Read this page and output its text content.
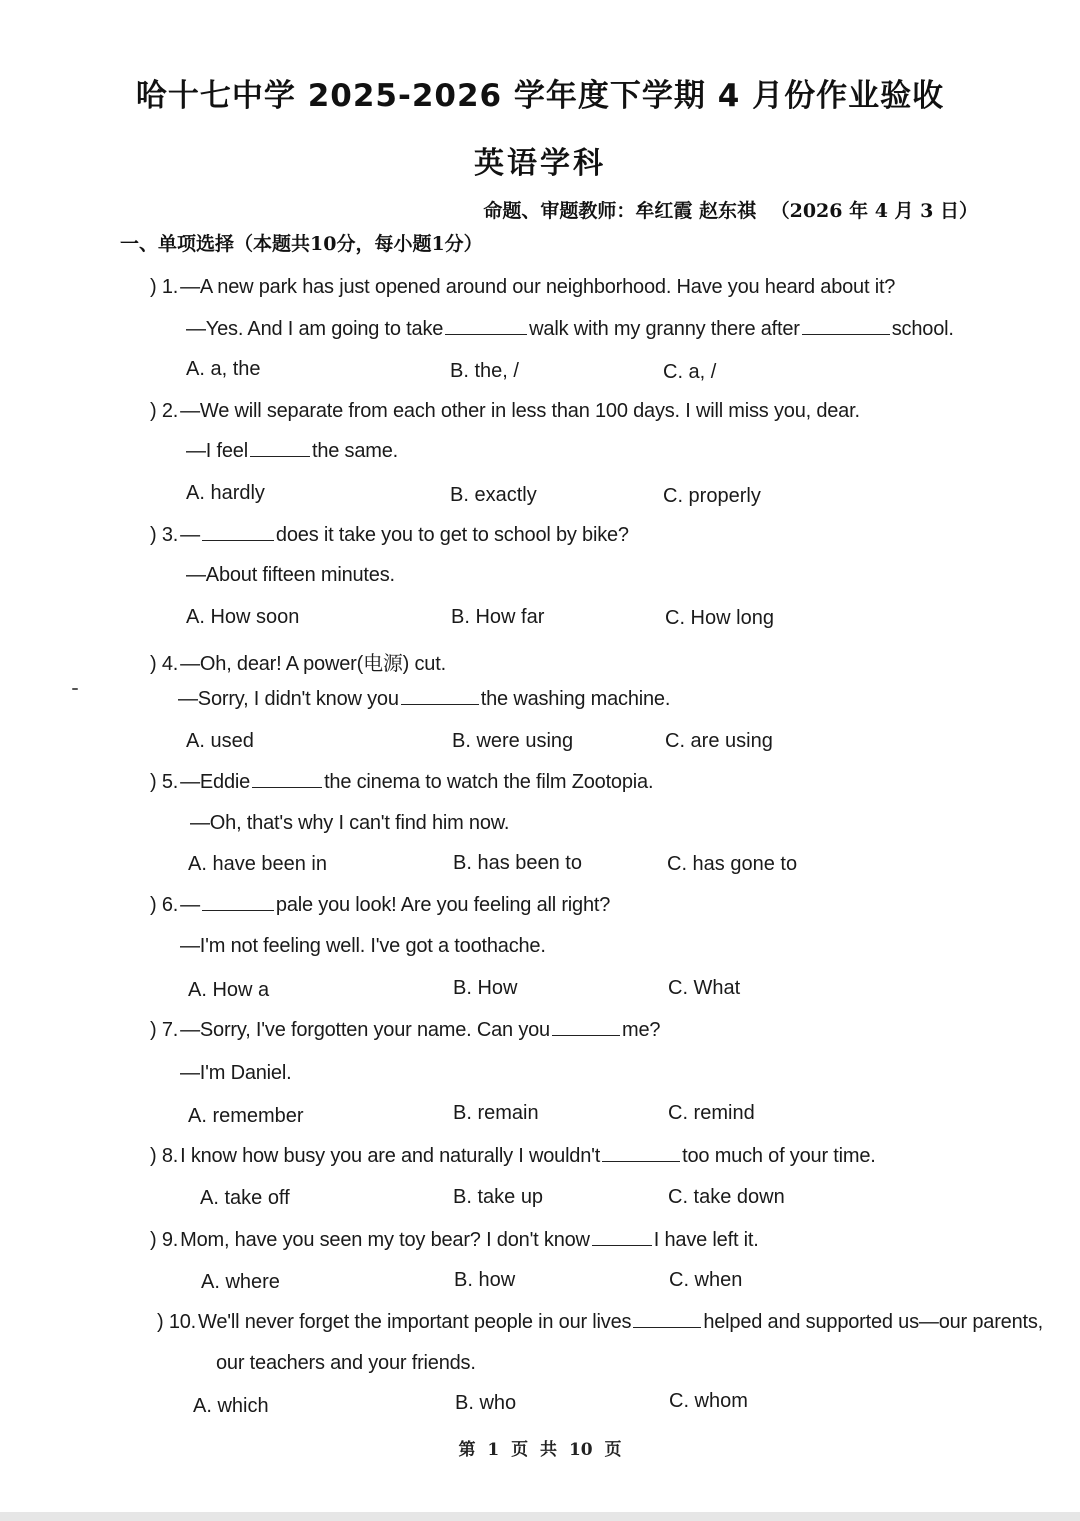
哈十七中学 2025-2026 学年度下学期 4 月份作业验收
英语学科
命题、审题教师：牟红霞 赵东祺 （2026 年 4 月 3 日）
一、单项选择（本题共10分，每小题1分）
) 1. —A new park has just opened around our neighborhood. Have you heard about it?
—Yes. And I am going to take	walk with my granny there after	school.
A. a, the	B. the, /	C. a, /
) 2. —We will separate from each other in less than 100 days. I will miss you, dear.
—I feel	the same.
A. hardly	B. exactly	C. properly
) 3. —	does it take you to get to school by bike?
—About fifteen minutes.
A. How soon	B. How far	C. How long
) 4. —Oh, dear! A power(电源) cut.
—Sorry, I didn't know you	the washing machine.
A. used	B. were using	C. are using
) 5. —Eddie	the cinema to watch the film Zootopia.
—Oh, that's why I can't find him now.
A. have been in	B. has been to	C. has gone to
) 6. —	pale you look! Are you feeling all right?
—I'm not feeling well. I've got a toothache.
A. How a	B. How	C. What
) 7. —Sorry, I've forgotten your name. Can you	me?
—I'm Daniel.
A. remember	B. remain	C. remind
) 8. I know how busy you are and naturally I wouldn't	too much of your time.
A. take off	B. take up	C. take down
) 9. Mom, have you seen my toy bear? I don't know	I have left it.
A. where	B. how	C. when
) 10. We'll never forget the important people in our lives	helped and supported us—our parents,
our teachers and your friends.
A. which	B. who	C. whom
第 1 页 共 10 页
